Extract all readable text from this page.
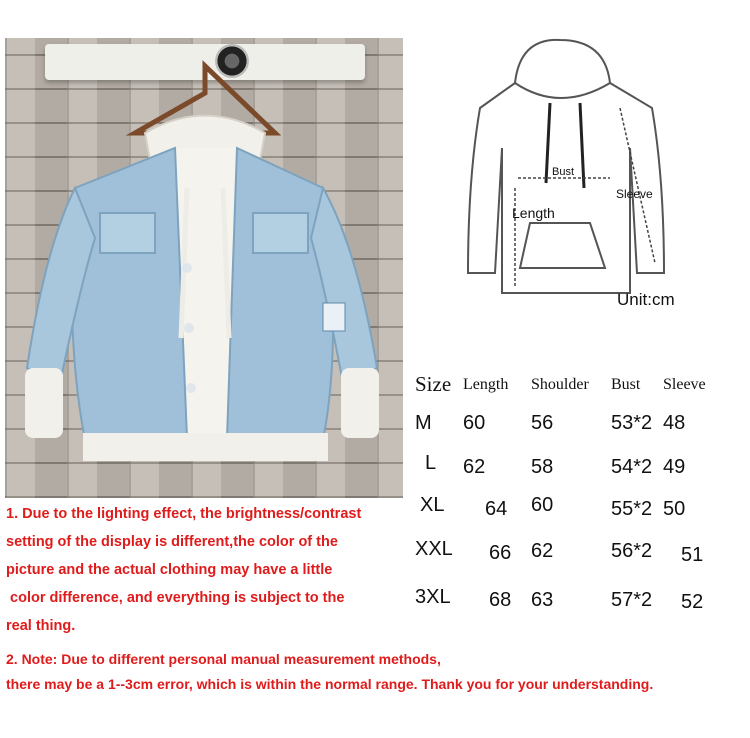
Bust
Length
Sleeve
Unit:cm
Size Length Shoulder Bust Sleeve
M 60 56	53*2 48
L 62 58	54*2 49
XL 64 60	55*2 50
XXL 66 62	56*2 51
3XL 68 63	57*2 52
1. Due to the lighting effect, the brightness/contrast
setting of the display is different,the color of the
picture and the actual clothing may have a little
color difference, and everything is subject to the
real thing.
2. Note: Due to different personal manual measurement methods,
there may be a 1--3cm error, which is within the normal range. Thank you for your understanding.
